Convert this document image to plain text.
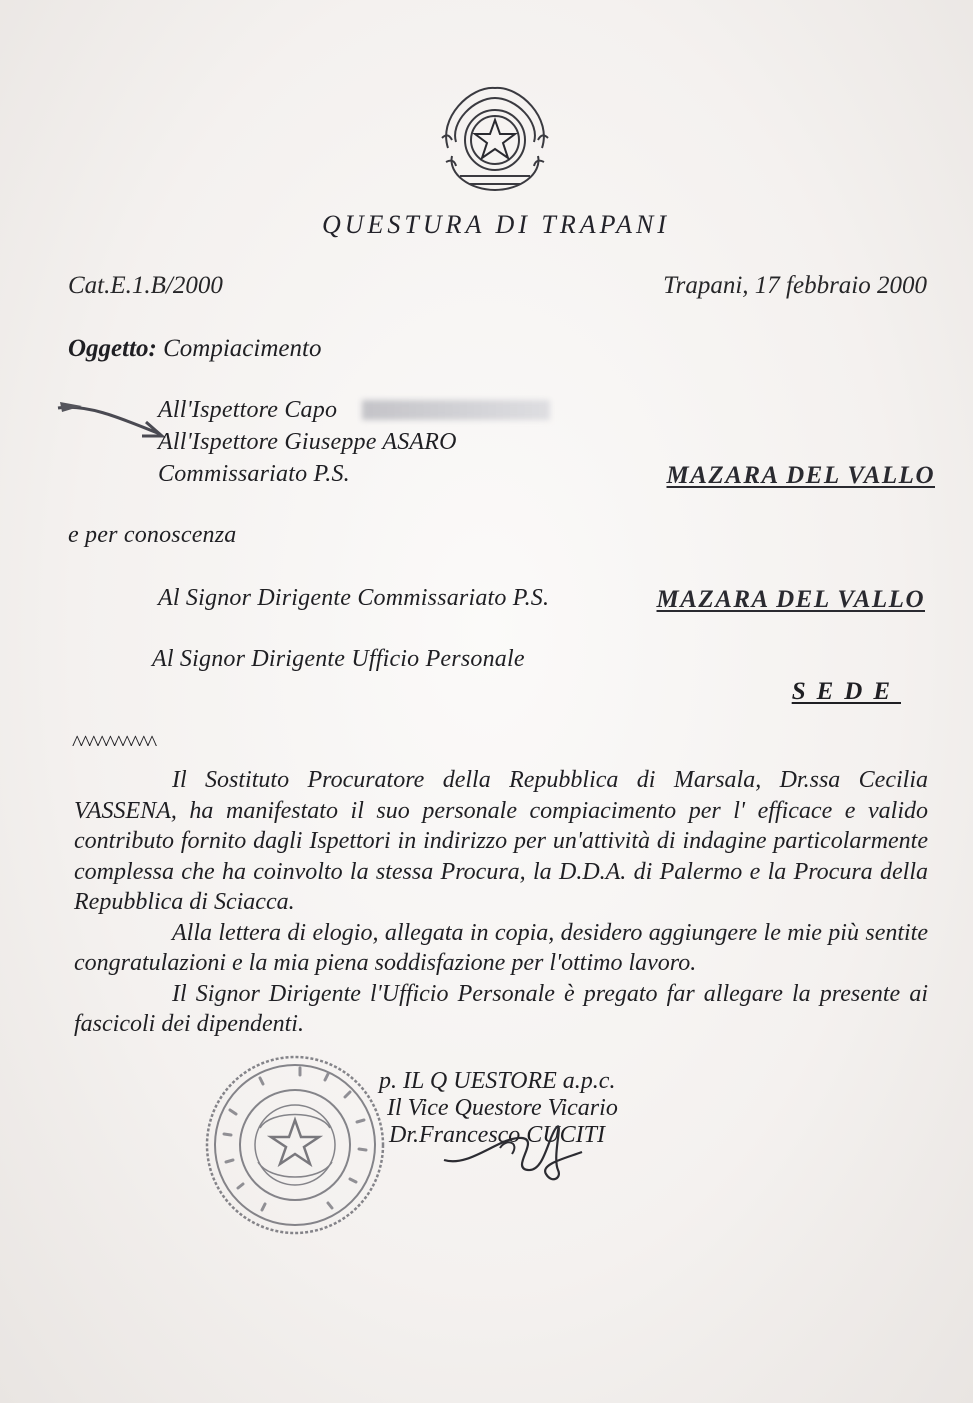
QUESTURA DI TRAPANI
Cat.E.1.B/2000	Trapani, 17 febbraio 2000
Oggetto: Compiacimento
All'Ispettore Capo
All'Ispettore Giuseppe ASARO
Commissariato P.S.	MAZARA DEL VALLO
e per conoscenza
Al Signor Dirigente Commissariato P.S.	MAZARA DEL VALLO
Al Signor Dirigente Ufficio Personale
SEDE
^^^^^^^^^^

Il Sostituto Procuratore della Repubblica di Marsala, Dr.ssa Cecilia VASSENA, ha manifestato il suo personale compiacimento per l' efficace e valido contributo fornito dagli Ispettori in indirizzo per un'attività di indagine particolarmente complessa che ha coinvolto la stessa Procura, la D.D.A. di Palermo e la Procura della Repubblica di Sciacca.

Alla lettera di elogio, allegata in copia, desidero aggiungere le mie più sentite congratulazioni e la mia piena soddisfazione per l'ottimo lavoro.

Il Signor Dirigente l'Ufficio Personale è pregato far allegare la presente ai fascicoli dei dipendenti.

p. IL Q UESTORE a.p.c.
Il Vice Questore Vicario
Dr.Francesco CUCITI
